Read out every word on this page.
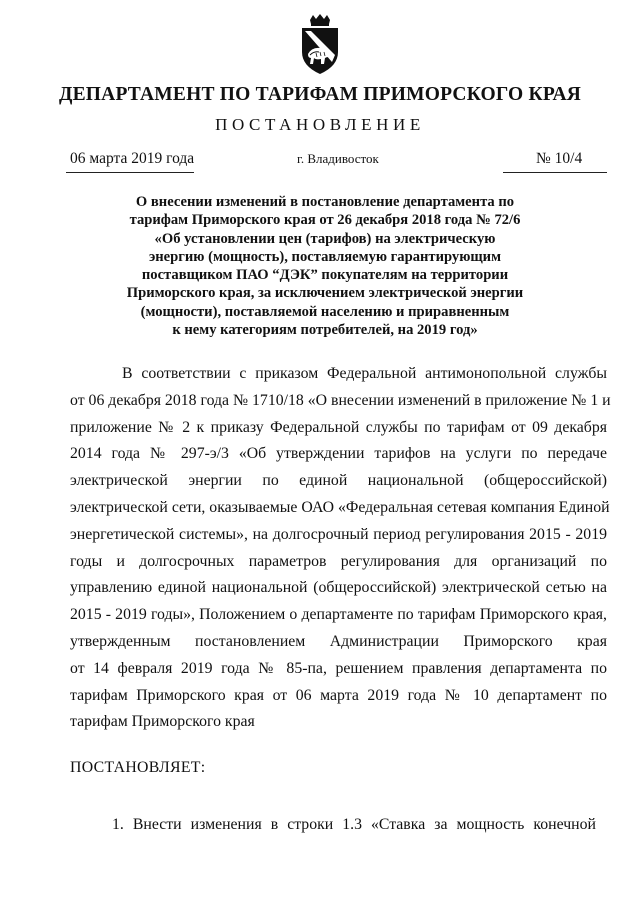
ДЕПАРТАМЕНТ ПО ТАРИФАМ ПРИМОРСКОГО КРАЯ
ПОСТАНОВЛЕНИЕ
06 марта 2019 года	г. Владивосток	№ 10/4
О внесении изменений в постановление департамента по
тарифам Приморского края от 26 декабря 2018 года № 72/6
«Об установлении цен (тарифов) на электрическую
энергию (мощность), поставляемую гарантирующим
поставщиком ПАО “ДЭК” покупателям на территории
Приморского края, за исключением электрической энергии
(мощности), поставляемой населению и приравненным
к нему категориям потребителей, на 2019 год»
В соответствии с приказом Федеральной антимонопольной службы
от 06 декабря 2018 года № 1710/18 «О внесении изменений в приложение № 1 и
приложение № 2 к приказу Федеральной службы по тарифам от 09 декабря
2014 года № 297-э/3 «Об утверждении тарифов на услуги по передаче
электрической энергии по единой национальной (общероссийской)
электрической сети, оказываемые ОАО «Федеральная сетевая компания Единой
энергетической системы», на долгосрочный период регулирования 2015 - 2019
годы и долгосрочных параметров регулирования для организаций по
управлению единой национальной (общероссийской) электрической сетью на
2015 - 2019 годы», Положением о департаменте по тарифам Приморского края,
утвержденным постановлением Администрации Приморского края
от 14 февраля 2019 года № 85-па, решением правления департамента по
тарифам Приморского края от 06 марта 2019 года № 10 департамент по
тарифам Приморского края
ПОСТАНОВЛЯЕТ:
1. Внести изменения в строки 1.3 «Ставка за мощность конечной
